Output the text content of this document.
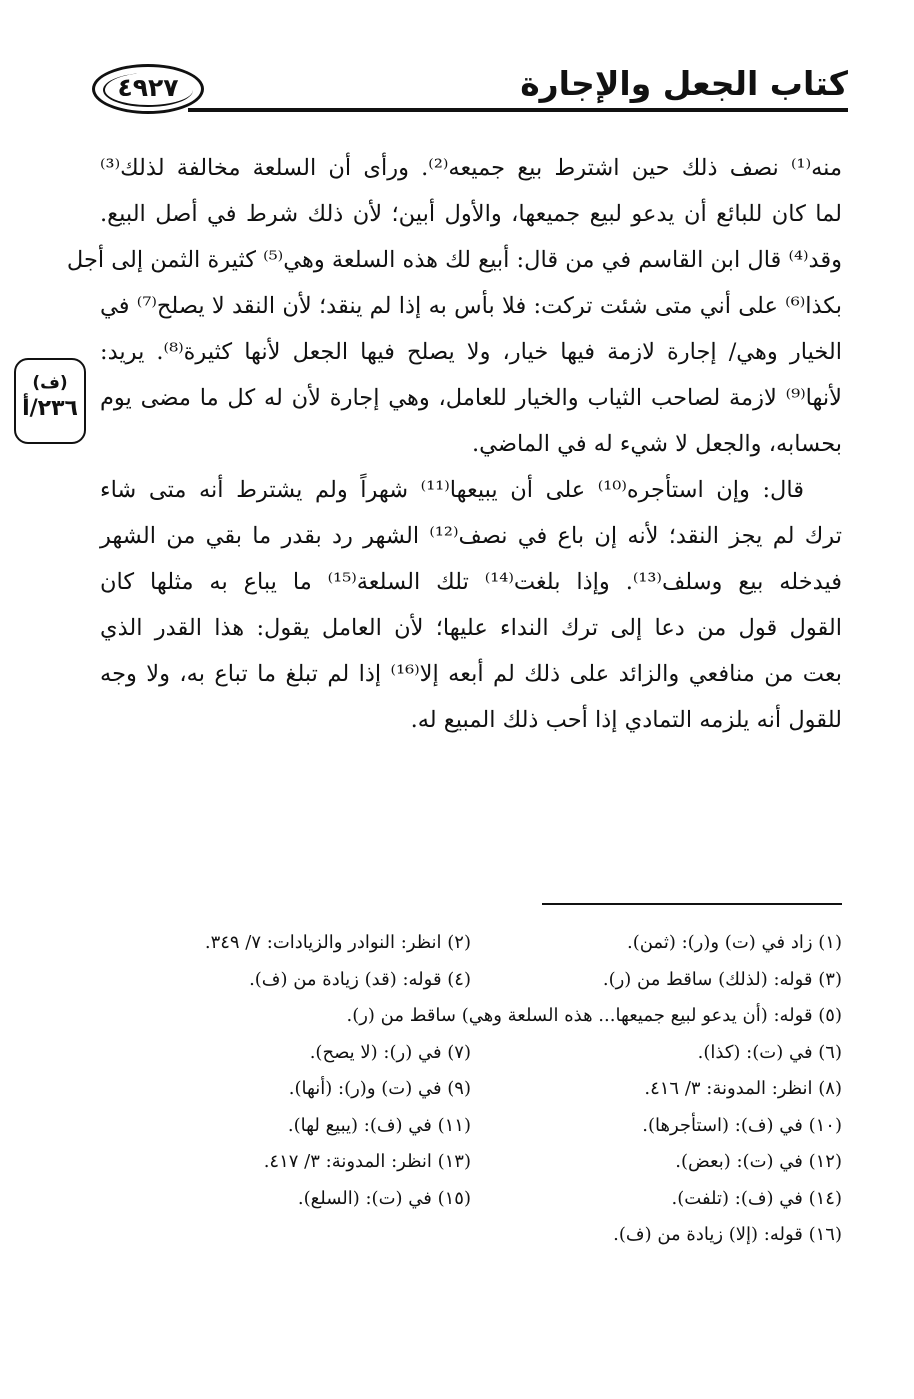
٤٩٢٧	كتاب الجعل والإجارة
(ف)
٢٣٦/أ

منه⁽¹⁾ نصف ذلك حين اشترط بيع جميعه⁽²⁾. ورأى أن السلعة مخالفة لذلك⁽³⁾
لما كان للبائع أن يدعو لبيع جميعها، والأول أبين؛ لأن ذلك شرط في أصل البيع.
وقد⁽⁴⁾ قال ابن القاسم في من قال: أبيع لك هذه السلعة وهي⁽⁵⁾ كثيرة الثمن إلى أجل
بكذا⁽⁶⁾ على أني متى شئت تركت: فلا بأس به إذا لم ينقد؛ لأن النقد لا يصلح⁽⁷⁾ في
الخيار وهي/ إجارة لازمة فيها خيار، ولا يصلح فيها الجعل لأنها كثيرة⁽⁸⁾. يريد:
لأنها⁽⁹⁾ لازمة لصاحب الثياب والخيار للعامل، وهي إجارة لأن له كل ما مضى يوم
بحسابه، والجعل لا شيء له في الماضي.

قال: وإن استأجره⁽¹⁰⁾ على أن يبيعها⁽¹¹⁾ شهراً ولم يشترط أنه متى شاء
ترك لم يجز النقد؛ لأنه إن باع في نصف⁽¹²⁾ الشهر رد بقدر ما بقي من الشهر
فيدخله بيع وسلف⁽¹³⁾. وإذا بلغت⁽¹⁴⁾ تلك السلعة⁽¹⁵⁾ ما يباع به مثلها كان
القول قول من دعا إلى ترك النداء عليها؛ لأن العامل يقول: هذا القدر الذي
بعت من منافعي والزائد على ذلك لم أبعه إلا⁽¹⁶⁾ إذا لم تبلغ ما تباع به، ولا وجه
للقول أنه يلزمه التمادي إذا أحب ذلك المبيع له.

(١) زاد في (ت) و(ر): (ثمن).
(٢) انظر: النوادر والزيادات: ٧/ ٣٤٩.
(٣) قوله: (لذلك) ساقط من (ر).
(٤) قوله: (قد) زيادة من (ف).
(٥) قوله: (أن يدعو لبيع جميعها... هذه السلعة وهي) ساقط من (ر).
(٦) في (ت): (كذا).
(٧) في (ر): (لا يصح).
(٨) انظر: المدونة: ٣/ ٤١٦.
(٩) في (ت) و(ر): (أنها).
(١٠) في (ف): (استأجرها).
(١١) في (ف): (يبيع لها).
(١٢) في (ت): (بعض).
(١٣) انظر: المدونة: ٣/ ٤١٧.
(١٤) في (ف): (تلفت).
(١٥) في (ت): (السلع).
(١٦) قوله: (إلا) زيادة من (ف).
